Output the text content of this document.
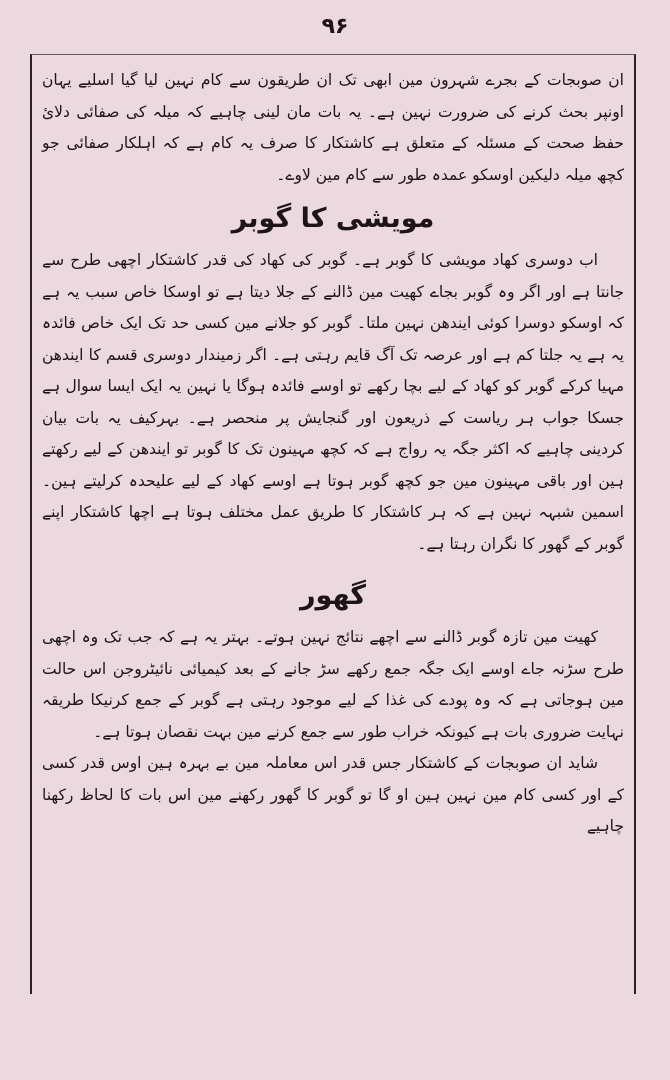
۹۶

ان صوبجات کے بجرے شہرون مین ابھی تک ان طریقون سے کام نہین لیا گیا اسلیے یہان اونپر بحث کرنے کی ضرورت نہین ہے۔ یہ بات مان لینی چاہیے کہ میلہ کی صفائی دلائ حفظ صحت کے مسئلہ کے متعلق ہے کاشتکار کا صرف یہ کام ہے کہ اہلکار صفائی جو کچھ میلہ دلیکین اوسکو عمدہ طور سے کام مین لاوے۔

مویشی کا گوبر

اب دوسری کھاد مویشی کا گوبر ہے۔ گوبر کی کھاد کی قدر کاشتکار اچھی طرح سے جانتا ہے اور اگر وہ گوبر بجاے کھیت مین ڈالنے کے جلا دیتا ہے تو اوسکا خاص سبب یہ ہے کہ اوسکو دوسرا کوئی ایندھن نہین ملتا۔ گوبر کو جلانے مین کسی حد تک ایک خاص فائدہ یہ ہے یہ جلتا کم ہے اور عرصہ تک آگ قایم رہتی ہے۔ اگر زمیندار دوسری قسم کا ایندھن مہیا کرکے گوبر کو کھاد کے لیے بچا رکھے تو اوسے فائدہ ہوگا یا نہین یہ ایک ایسا سوال ہے جسکا جواب ہر ریاست کے ذریعون اور گنجایش پر منحصر ہے۔ بہرکیف یہ بات بیان کردینی چاہیے کہ اکثر جگہ یہ رواج ہے کہ کچھ مہینون تک کا گوبر تو ایندھن کے لیے رکھتے ہین اور باقی مہینون مین جو کچھ گوبر ہوتا ہے اوسے کھاد کے لیے علیحدہ کرلیتے ہین۔ اسمین شبہہ نہین ہے کہ ہر کاشتکار کا طریق عمل مختلف ہوتا ہے اچھا کاشتکار اپنے گوبر کے گھور کا نگران رہتا ہے۔

گھور

کھیت مین تازہ گوبر ڈالنے سے اچھے نتائج نہین ہوتے۔ بہتر یہ ہے کہ جب تک وہ اچھی طرح سڑنہ جاے اوسے ایک جگہ جمع رکھے سڑ جانے کے بعد کیمیائی نائیٹروجن اس حالت مین ہوجاتی ہے کہ وہ پودے کی غذا کے لیے موجود رہتی ہے گوبر کے جمع کرنیکا طریقہ نہایت ضروری بات ہے کیونکہ خراب طور سے جمع کرنے مین بہت نقصان ہوتا ہے۔

شاید ان صوبجات کے کاشتکار جس قدر اس معاملہ مین بے بہرہ ہین اوس قدر کسی کے اور کسی کام مین نہین ہین او گا تو گوبر کا گھور رکھنے مین اس بات کا لحاظ رکھنا چاہیے
